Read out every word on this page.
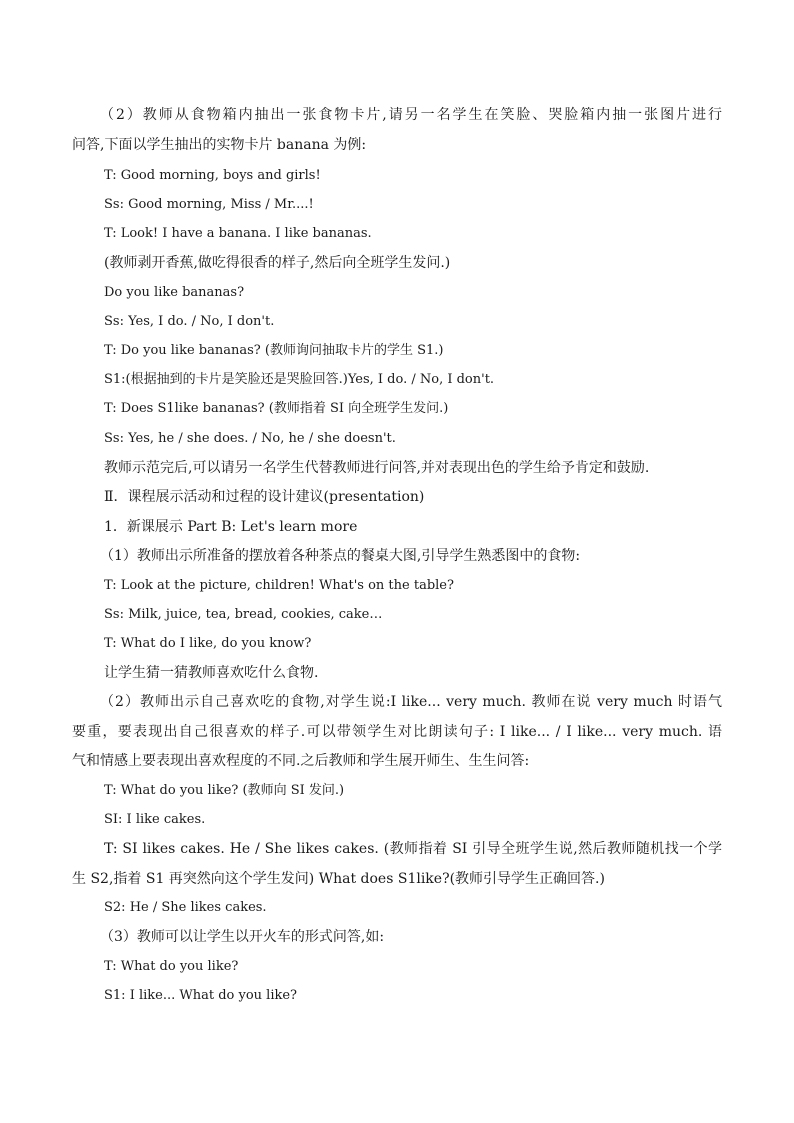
（2）教师从食物箱内抽出一张食物卡片,请另一名学生在笑脸、哭脸箱内抽一张图片进行
问答,下面以学生抽出的实物卡片 banana 为例:
T: Good morning, boys and girls!
Ss: Good morning, Miss / Mr....!
T: Look! I have a banana. I like bananas.
(教师剥开香蕉,做吃得很香的样子,然后向全班学生发问.)
Do you like bananas?
Ss: Yes, I do. / No, I don't.
T: Do you like bananas? (教师询问抽取卡片的学生 S1.)
S1:(根据抽到的卡片是笑脸还是哭脸回答.)Yes, I do. / No, I don't.
T: Does S1like bananas? (教师指着 SI 向全班学生发问.)
Ss: Yes, he / she does. / No, he / she doesn't.
教师示范完后,可以请另一名学生代替教师进行问答,并对表现出色的学生给予肯定和鼓励.
Ⅱ．课程展示活动和过程的设计建议(presentation)
1．新课展示 Part B: Let's learn more
（1）教师出示所准备的摆放着各种茶点的餐桌大图,引导学生熟悉图中的食物:
T: Look at the picture, children! What's on the table?
Ss: Milk, juice, tea, bread, cookies, cake…
T: What do I like, do you know?
让学生猜一猜教师喜欢吃什么食物.
（2）教师出示自己喜欢吃的食物,对学生说:I like... very much. 教师在说 very much 时语气
要重，要表现出自己很喜欢的样子.可以带领学生对比朗读句子: I like... / I like... very much. 语
气和情感上要表现出喜欢程度的不同.之后教师和学生展开师生、生生问答:
T: What do you like? (教师向 SI 发问.)
SI: I like cakes.
T: SI likes cakes. He / She likes cakes. (教师指着 SI 引导全班学生说,然后教师随机找一个学
生 S2,指着 S1 再突然向这个学生发问) What does S1like?(教师引导学生正确回答.)
S2: He / She likes cakes.
（3）教师可以让学生以开火车的形式问答,如:
T: What do you like?
S1: I like... What do you like?
